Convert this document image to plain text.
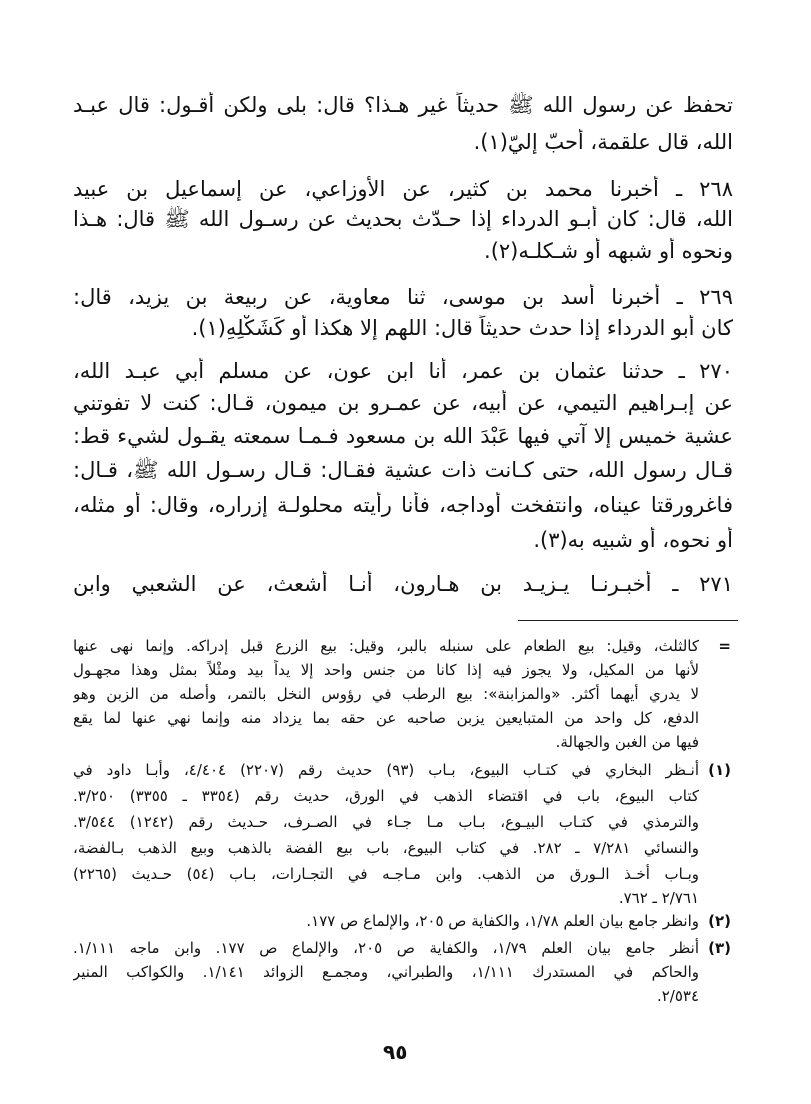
تحفظ عن رسول الله ﷺ حديثاً غير هـذا؟ قال: بلى ولكن أقـول: قال عبـد
الله، قال علقمة، أحبّ إليّ(١).
٢٦٨ ـ أخبرنا محمد بن كثير، عن الأوزاعي، عن إسماعيل بن عبيد
الله، قال: كان أبـو الدرداء إذا حـدّث بحديث عن رسـول الله ﷺ قال: هـذا
ونحوه أو شبهه أو شـكلـه(٢).
٢٦٩ ـ أخبرنا أسد بن موسى، ثنا معاوية، عن ربيعة بن يزيد، قال:
كان أبو الدرداء إذا حدث حديثاً قال: اللهم إلا هكذا أو كَشَكْلِهِ(١).
٢٧٠ ـ حدثنا عثمان بن عمر، أنا ابن عون، عن مسلم أبي عبـد الله،
عن إبـراهيم التيمي، عن أبيه، عن عمـرو بن ميمون، قـال: كنت لا تفوتني
عشية خميس إلا آتي فيها عَبْدَ الله بن مسعود فـمـا سمعته يقـول لشيء قط:
قـال رسول الله، حتى كـانت ذات عشية فقـال: قـال رسـول الله ﷺ، قـال:
فاغرورقتا عيناه، وانتفخت أوداجه، فأنا رأيته محلولـة إزراره، وقال: أو مثله،
أو نحوه، أو شبيه به(٣).
٢٧١ ـ أخبـرنـا يـزيـد بن هـارون، أنـا أشعث، عن الشعبي وابن
=
كالثلث، وقيل: بيع الطعام على سنبله بالبر، وقيل: بيع الزرع قبل إدراكه. وإنما نهى عنها
لأنها من المكيل، ولا يجوز فيه إذا كانا من جنس واحد إلا يداً بيد ومثْلاً بمثل وهذا مجهـول
لا يدري أيهما أكثر. «والمزابنة»: بيع الرطب في رؤوس النخل بالتمر، وأصله من الزبن وهو
الدفع، كل واحد من المتبايعين يزبن صاحبه عن حقه بما يزداد منه وإنما نهي عنها لما يقع
فيها من الغبن والجهالة.
(١)
أنـظر البخاري في كتـاب البيوع، بـاب (٩٣) حديث رقم (٢٢٠٧) ٤/٤٠٤، وأبـا داود في
كتاب البيوع، باب في اقتضاء الذهب في الورق، حديث رقم (٣٣٥٤ ـ ٣٣٥٥) ٣/٢٥٠.
والترمذي في كتـاب البيـوع، بـاب مـا جـاء في الصـرف، حـديث رقم (١٢٤٢) ٣/٥٤٤.
والنسائي ٧/٢٨١ ـ ٢٨٢. في كتاب البيوع، باب بيع الفضة بالذهب وبيع الذهب بـالفضة،
وبـاب أخـذ الـورق من الذهب. وابن مـاجـه في التجـارات، بـاب (٥٤) حـديث (٢٢٦٥)
٢/٧٦١ ـ ٧٦٢.
(٢)
وانظر جامع بيان العلم ١/٧٨، والكفاية ص ٢٠٥، والإلماع ص ١٧٧.
(٣)
أنظر جامع بيان العلم ١/٧٩، والكفاية ص ٢٠٥، والإلماع ص ١٧٧. وابن ماجه ١/١١١.
والحاكم في المستدرك ١/١١١، والطبراني، ومجمـع الزوائد ١/١٤١. والكواكب المنير
٢/٥٣٤.
٩٥
